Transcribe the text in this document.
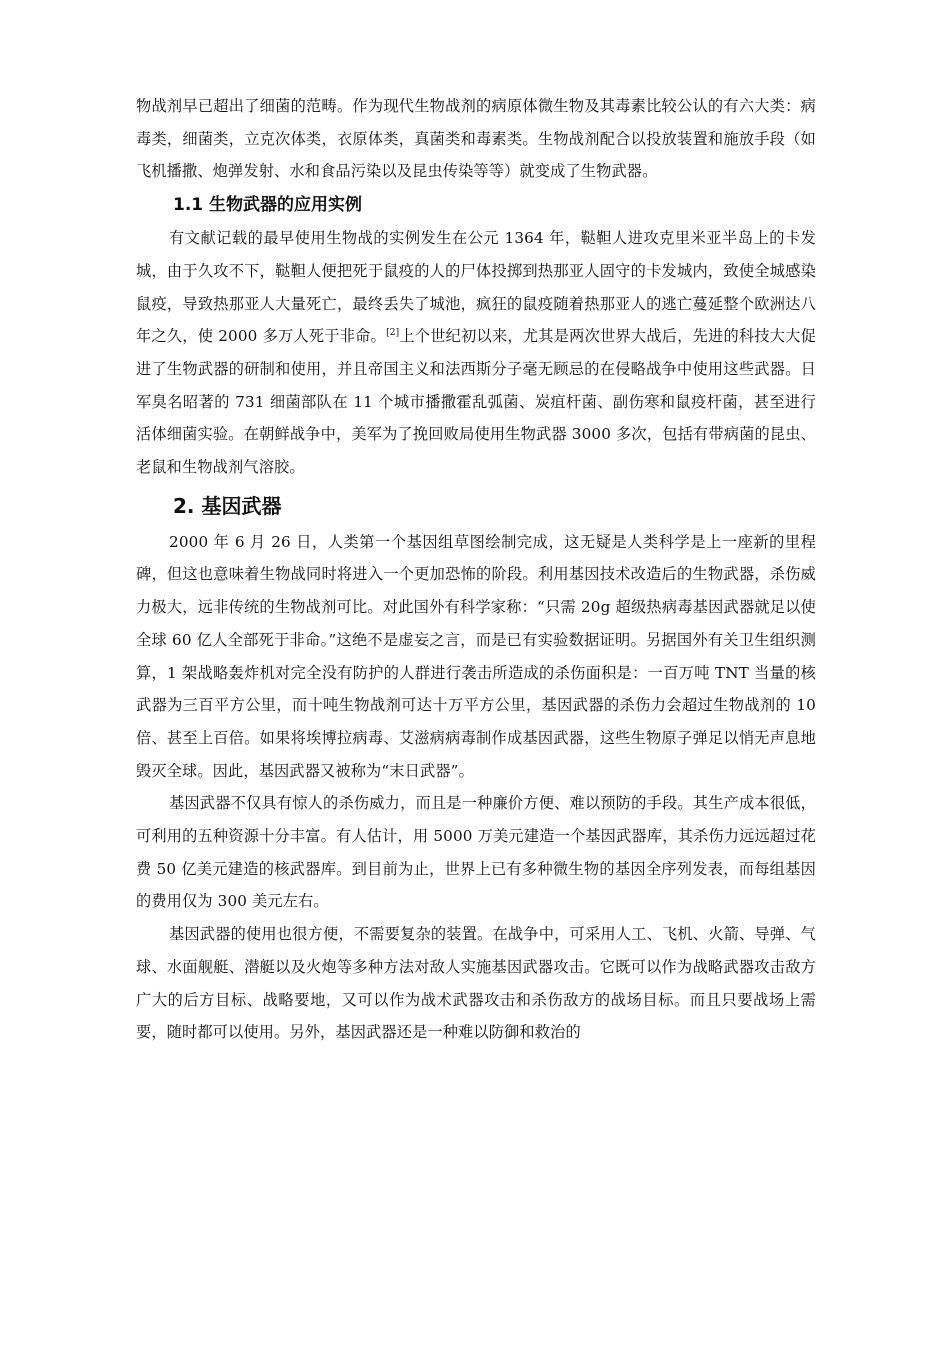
物战剂早已超出了细菌的范畴。作为现代生物战剂的病原体微生物及其毒素比较公认的有六大类：病毒类，细菌类，立克次体类，衣原体类，真菌类和毒素类。生物战剂配合以投放装置和施放手段（如飞机播撒、炮弹发射、水和食品污染以及昆虫传染等等）就变成了生物武器。

1.1 生物武器的应用实例

有文献记载的最早使用生物战的实例发生在公元 1364 年，鞑靼人进攻克里米亚半岛上的卡发城，由于久攻不下，鞑靼人便把死于鼠疫的人的尸体投掷到热那亚人固守的卡发城内，致使全城感染鼠疫，导致热那亚人大量死亡，最终丢失了城池，疯狂的鼠疫随着热那亚人的逃亡蔓延整个欧洲达八年之久，使 2000 多万人死于非命。[2]上个世纪初以来，尤其是两次世界大战后，先进的科技大大促进了生物武器的研制和使用，并且帝国主义和法西斯分子毫无顾忌的在侵略战争中使用这些武器。日军臭名昭著的 731 细菌部队在 11 个城市播撒霍乱弧菌、炭疽杆菌、副伤寒和鼠疫杆菌，甚至进行活体细菌实验。在朝鲜战争中，美军为了挽回败局使用生物武器 3000 多次，包括有带病菌的昆虫、老鼠和生物战剂气溶胶。

2. 基因武器

2000 年 6 月 26 日，人类第一个基因组草图绘制完成，这无疑是人类科学是上一座新的里程碑，但这也意味着生物战同时将进入一个更加恐怖的阶段。利用基因技术改造后的生物武器，杀伤威力极大，远非传统的生物战剂可比。对此国外有科学家称：“只需 20g 超级热病毒基因武器就足以使全球 60 亿人全部死于非命。”这绝不是虚妄之言，而是已有实验数据证明。另据国外有关卫生组织测算，1 架战略轰炸机对完全没有防护的人群进行袭击所造成的杀伤面积是：一百万吨 TNT 当量的核武器为三百平方公里，而十吨生物战剂可达十万平方公里，基因武器的杀伤力会超过生物战剂的 10 倍、甚至上百倍。如果将埃博拉病毒、艾滋病病毒制作成基因武器，这些生物原子弹足以悄无声息地毁灭全球。因此，基因武器又被称为“末日武器”。

基因武器不仅具有惊人的杀伤威力，而且是一种廉价方便、难以预防的手段。其生产成本很低，可利用的五种资源十分丰富。有人估计，用 5000 万美元建造一个基因武器库，其杀伤力远远超过花费 50 亿美元建造的核武器库。到目前为止，世界上已有多种微生物的基因全序列发表，而每组基因的费用仅为 300 美元左右。

基因武器的使用也很方便，不需要复杂的装置。在战争中，可采用人工、飞机、火箭、导弹、气球、水面舰艇、潜艇以及火炮等多种方法对敌人实施基因武器攻击。它既可以作为战略武器攻击敌方广大的后方目标、战略要地，又可以作为战术武器攻击和杀伤敌方的战场目标。而且只要战场上需要，随时都可以使用。另外，基因武器还是一种难以防御和救治的
